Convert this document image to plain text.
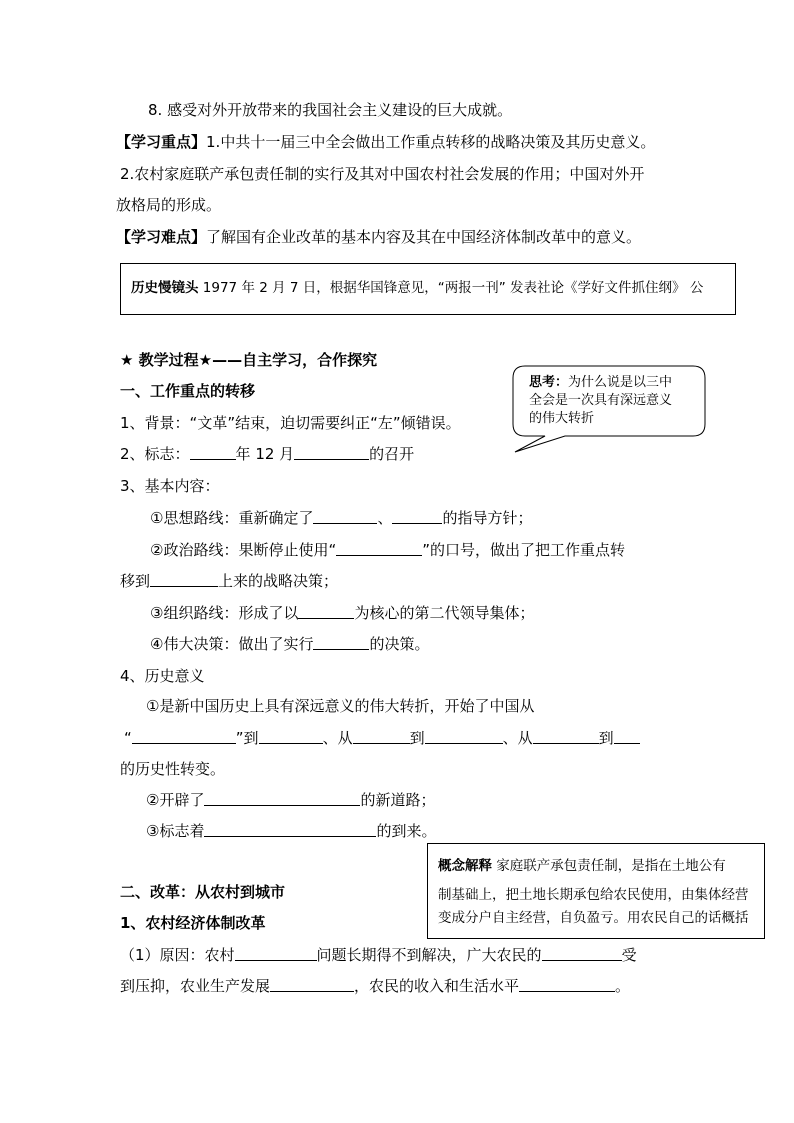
8. 感受对外开放带来的我国社会主义建设的巨大成就。
【学习重点】1.中共十一届三中全会做出工作重点转移的战略决策及其历史意义。
2.农村家庭联产承包责任制的实行及其对中国农村社会发展的作用；中国对外开
放格局的形成。
【学习难点】了解国有企业改革的基本内容及其在中国经济体制改革中的意义。
历史慢镜头 1977 年 2 月 7 日，根据华国锋意见，“两报一刊” 发表社论《学好文件抓住纲》 公
★ 教学过程★——自主学习，合作探究
一、工作重点的转移
1、背景：“文革”结束，迫切需要纠正“左”倾错误。
2、标志：	年 12 月	的召开
3、基本内容：
①思想路线：重新确定了	、	的指导方针；
②政治路线：果断停止使用“	”的口号，做出了把工作重点转
移到	上来的战略决策；
③组织路线：形成了以	为核心的第二代领导集体；
④伟大决策：做出了实行	的决策。
4、历史意义
①是新中国历史上具有深远意义的伟大转折，开始了中国从
“	”到	、从	到	、从	到
的历史性转变。
②开辟了	的新道路；
③标志着	的到来。
思考：为什么说是以三中
全会是一次具有深远意义
的伟大转折
概念解释 家庭联产承包责任制，是指在土地公有
制基础上，把土地长期承包给农民使用，由集体经营
变成分户自主经营，自负盈亏。用农民自己的话概括
二、改革：从农村到城市
1、农村经济体制改革
（1）原因：农村	问题长期得不到解决，广大农民的	受
到压抑，农业生产发展	，农民的收入和生活水平	。
